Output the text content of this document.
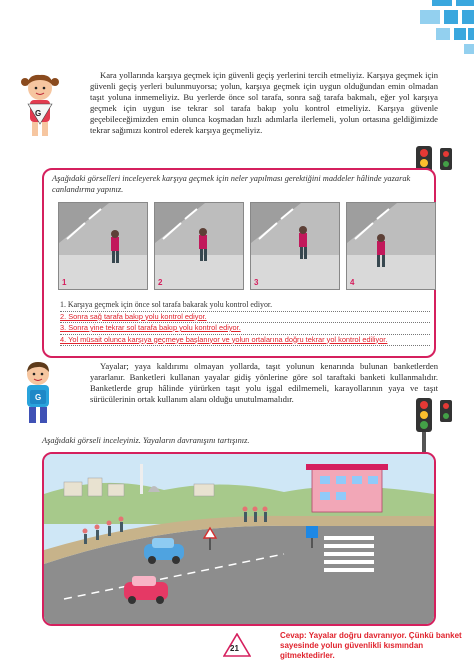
G

Kara yollarında karşıya geçmek için güvenli geçiş yerlerini tercih etmeliyiz. Karşıya geçmek için güvenli geçiş yerleri bulunmuyorsa; yolun, karşıya geçmek için uygun olduğundan emin olmadan taşıt yoluna inmemeliyiz. Bu yerlerde önce sol tarafa, sonra sağ tarafa bakmalı, eğer yol karşıya geçmek için uygun ise tekrar sol tarafa bakıp yolu kontrol etmeliyiz. Karşıya güvenle geçebileceğimizden emin olunca koşmadan hızlı adımlarla ilerlemeli, yolun ortasına geldiğimizde tekrar sağımızı kontrol ederek karşıya geçmeliyiz.

Aşağıdaki görselleri inceleyerek karşıya geçmek için neler yapılması gerektiğini maddeler hâlinde yazarak canlandırma yapınız.

1	2	3	4
1. Karşıya geçmek için önce sol tarafa bakarak yolu kontrol ediyor.
2. Sonra sağ tarafa bakıp yolu kontrol ediyor.
3. Sonra yine tekrar sol tarafa bakıp yolu kontrol ediyor.
4. Yol müsait olunca karşıya geçmeye başlanıyor ve yolun ortalarına doğru tekrar yol kontrol ediliyor.
G

Yayalar; yaya kaldırımı olmayan yollarda, taşıt yolunun kenarında bulunan banketlerden yararlanır. Banketleri kullanan yayalar gidiş yönlerine göre sol taraftaki banketi kullanmalıdır. Banketlerde grup hâlinde yürürken taşıt yolu işgal edilmemeli, karayollarının yaya ve taşıt sürücülerinin ortak kullanım alanı olduğu unutulmamalıdır.

Aşağıdaki görseli inceleyiniz. Yayaların davranışını tartışınız.

21

Cevap: Yayalar doğru davranıyor. Çünkü banket sayesinde yolun güvenlikli kısmından gitmektedirler.
